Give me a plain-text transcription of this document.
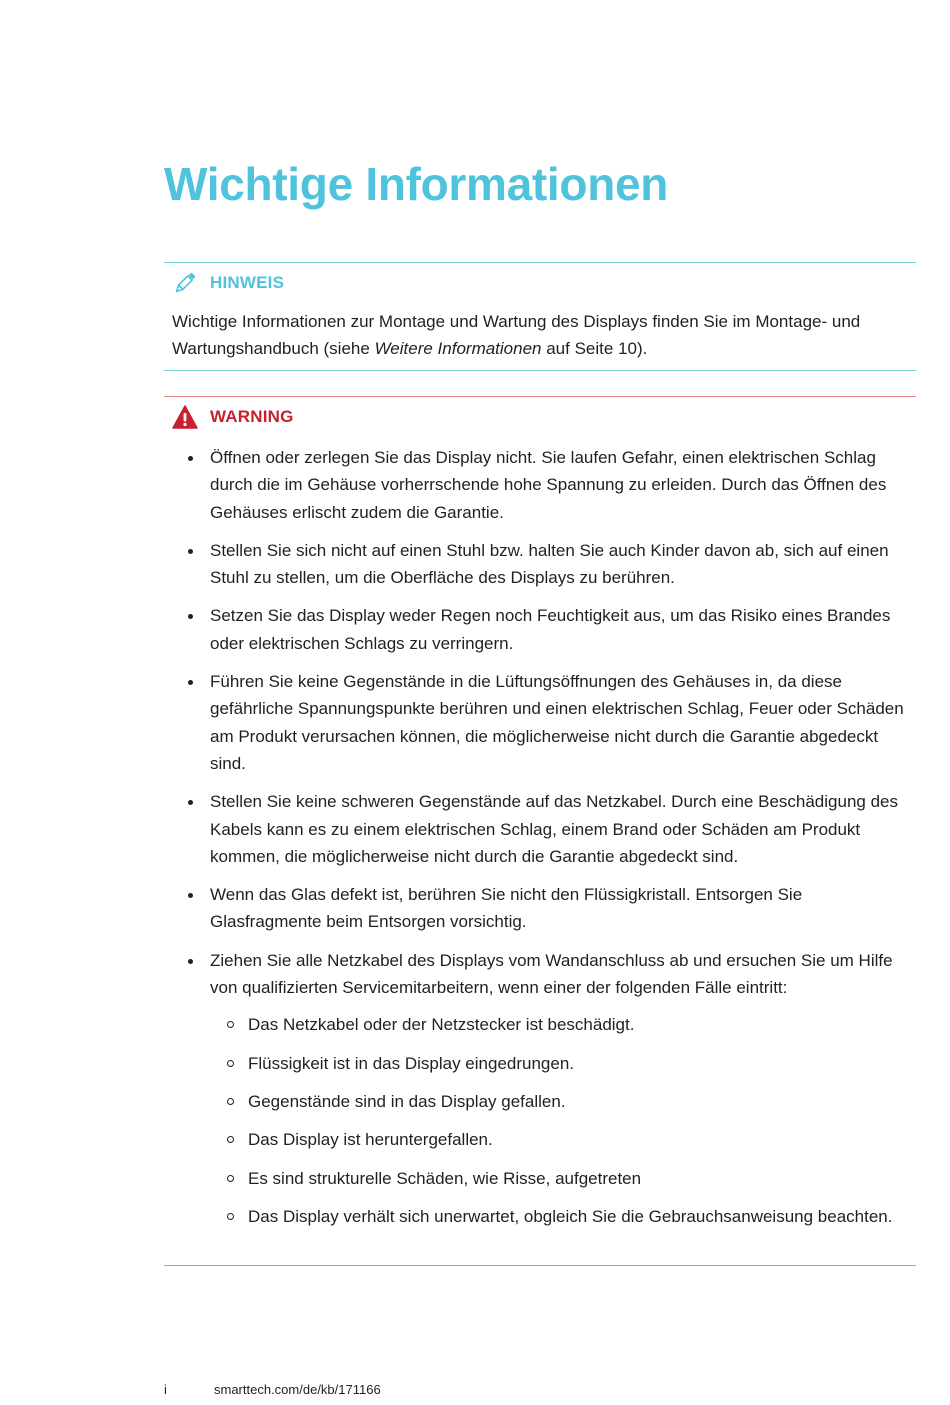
Wichtige Informationen
HINWEIS

Wichtige Informationen zur Montage und Wartung des Displays finden Sie im Montage- und Wartungshandbuch (siehe Weitere Informationen auf Seite 10).

WARNING
Öffnen oder zerlegen Sie das Display nicht. Sie laufen Gefahr, einen elektrischen Schlag durch die im Gehäuse vorherrschende hohe Spannung zu erleiden. Durch das Öffnen des Gehäuses erlischt zudem die Garantie.
Stellen Sie sich nicht auf einen Stuhl bzw. halten Sie auch Kinder davon ab, sich auf einen Stuhl zu stellen, um die Oberfläche des Displays zu berühren.
Setzen Sie das Display weder Regen noch Feuchtigkeit aus, um das Risiko eines Brandes oder elektrischen Schlags zu verringern.
Führen Sie keine Gegenstände in die Lüftungsöffnungen des Gehäuses in, da diese gefährliche Spannungspunkte berühren und einen elektrischen Schlag, Feuer oder Schäden am Produkt verursachen können, die möglicherweise nicht durch die Garantie abgedeckt sind.
Stellen Sie keine schweren Gegenstände auf das Netzkabel. Durch eine Beschädigung des Kabels kann es zu einem elektrischen Schlag, einem Brand oder Schäden am Produkt kommen, die möglicherweise nicht durch die Garantie abgedeckt sind.
Wenn das Glas defekt ist, berühren Sie nicht den Flüssigkristall. Entsorgen Sie Glasfragmente beim Entsorgen vorsichtig.
Ziehen Sie alle Netzkabel des Displays vom Wandanschluss ab und ersuchen Sie um Hilfe von qualifizierten Servicemitarbeitern, wenn einer der folgenden Fälle eintritt:
Das Netzkabel oder der Netzstecker ist beschädigt.
Flüssigkeit ist in das Display eingedrungen.
Gegenstände sind in das Display gefallen.
Das Display ist heruntergefallen.
Es sind strukturelle Schäden, wie Risse, aufgetreten
Das Display verhält sich unerwartet, obgleich Sie die Gebrauchsanweisung beachten.
i	smarttech.com/de/kb/171166
